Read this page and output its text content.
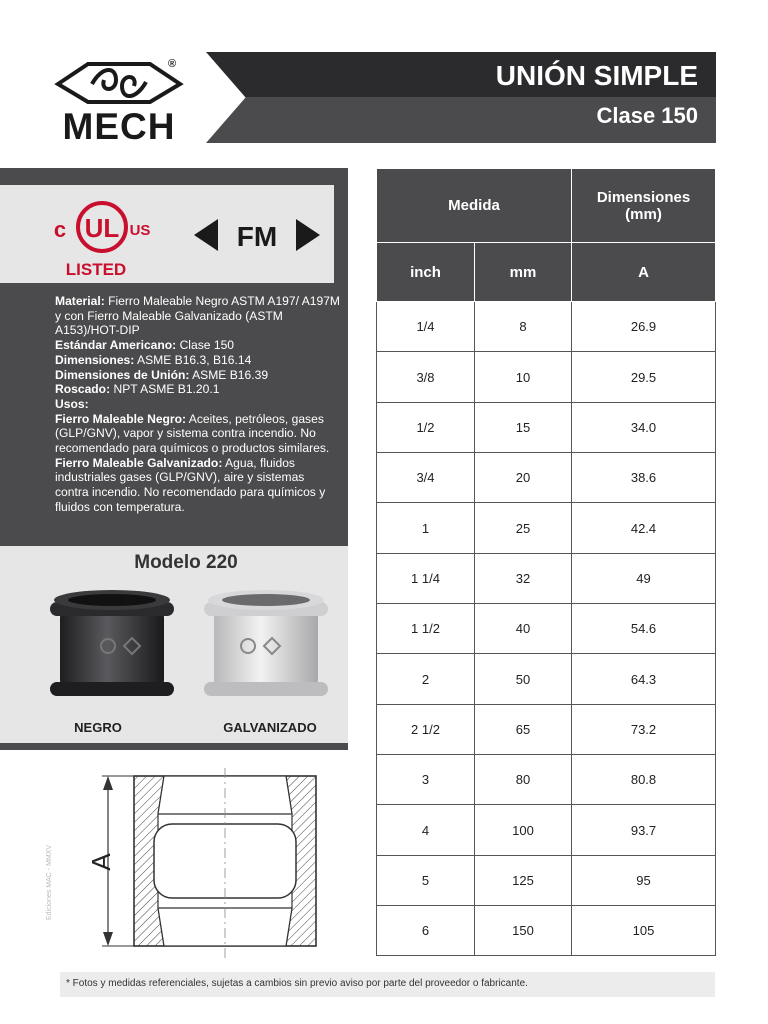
®
MECH
UNIÓN SIMPLE
Clase 150
UL
c	US
LISTED
FM
Material: Fierro Maleable Negro ASTM A197/ A197M y con Fierro Maleable Galvanizado (ASTM A153)/HOT-DIP
Estándar Americano: Clase 150
Dimensiones: ASME B16.3, B16.14
Dimensiones de Unión: ASME B16.39
Roscado: NPT ASME B1.20.1
Usos:
Fierro Maleable Negro: Aceites, petróleos, gases (GLP/GNV), vapor y sistema contra incendio. No recomendado para químicos o productos similares.
Fierro Maleable Galvanizado: Agua, fluidos industriales gases (GLP/GNV), aire y sistemas contra incendio. No recomendado para químicos y fluidos con temperatura.
Modelo 220
NEGRO	GALVANIZADO
A
Ediciones MAC - MMXV
Medida		Dimensiones
(mm)

inch	mm	A
1/4	8	26.9
3/8	10	29.5
1/2	15	34.0
3/4	20	38.6
1	25	42.4
1 1/4	32	49
1 1/2	40	54.6
2	50	64.3
2 1/2	65	73.2
3	80	80.8
4	100	93.7
5	125	95
6	150	105
* Fotos y medidas referenciales, sujetas a cambios sin previo aviso por parte del proveedor o fabricante.
